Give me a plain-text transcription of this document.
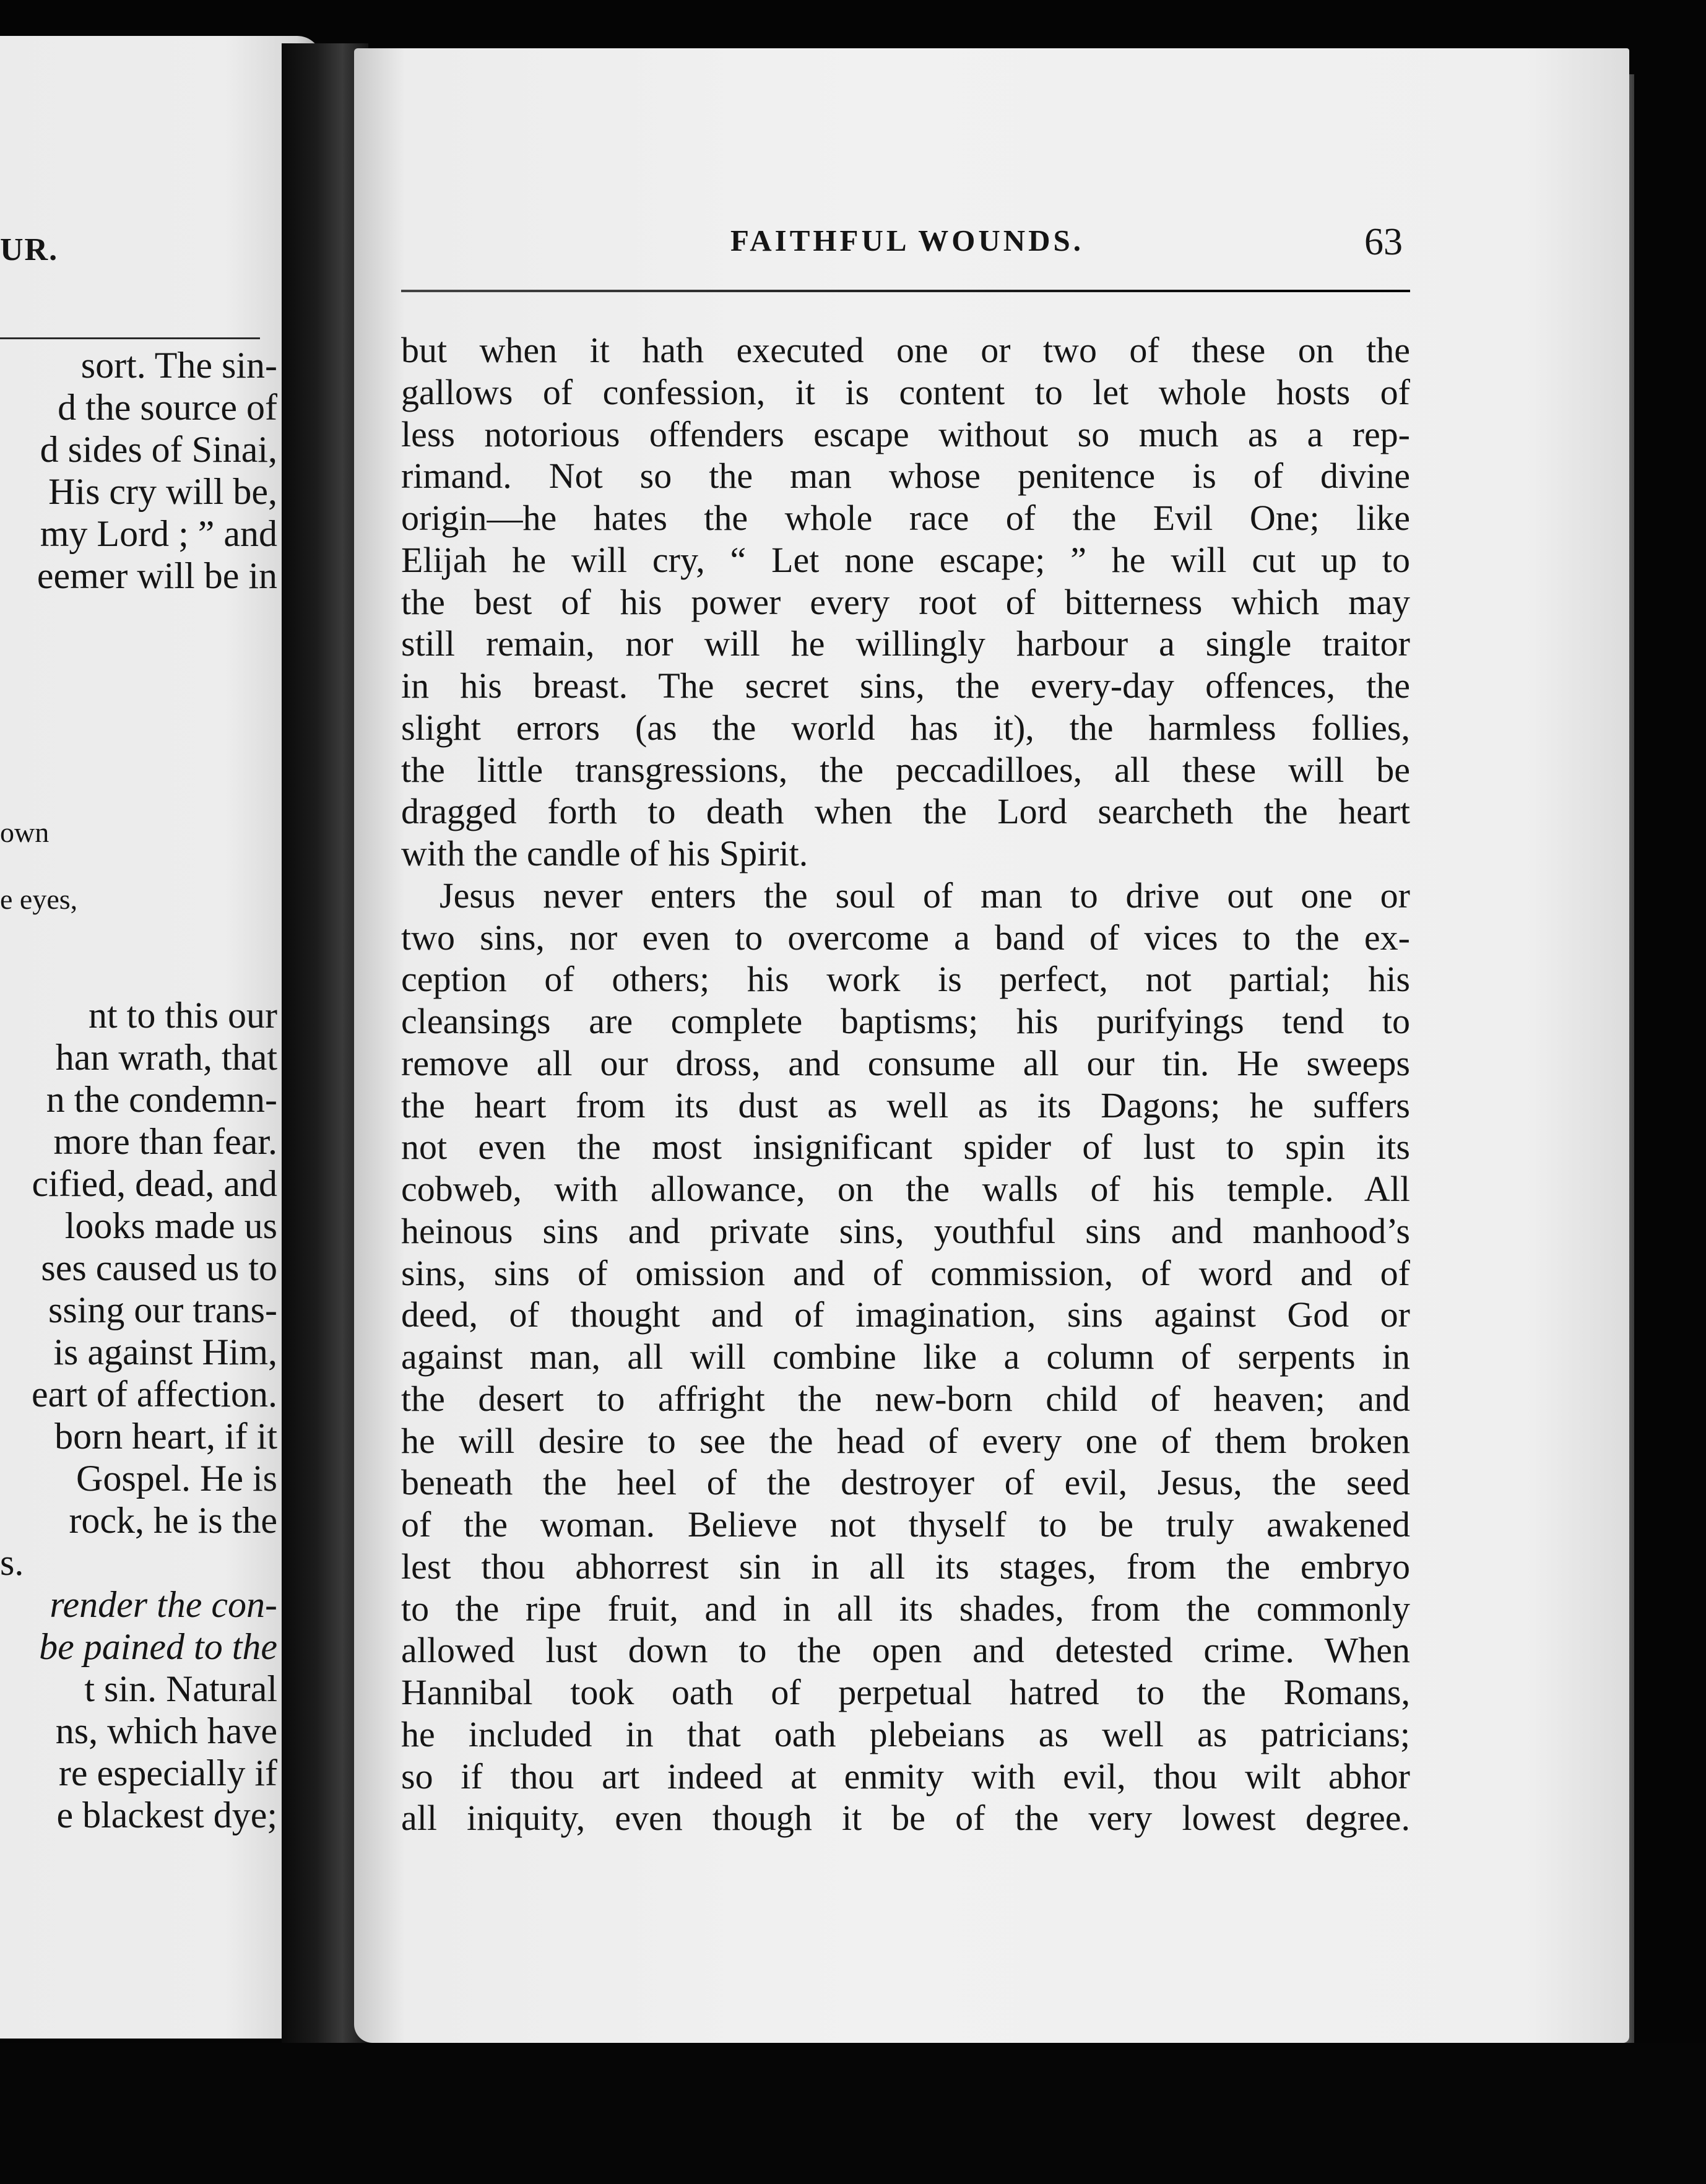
UR.
sort. The sin-
d the source of
d sides of Sinai,
His cry will be,
my Lord ; ” and
eemer will be in
own
e eyes,
nt to this our
han wrath, that
n the condemn-
more than fear.
cified, dead, and
looks made us
ses caused us to
ssing our trans-
is against Him,
eart of affection.
born heart, if it
Gospel. He is
rock, he is the
s.
render the con-
be pained to the
t sin. Natural
ns, which have
re especially if
e blackest dye;
FAITHFUL WOUNDS.	63
but when it hath executed one or two of these on the
gallows of confession, it is content to let whole hosts of
less notorious offenders escape without so much as a rep-
rimand. Not so the man whose penitence is of divine
origin—he hates the whole race of the Evil One; like
Elijah he will cry, “ Let none escape; ” he will cut up to
the best of his power every root of bitterness which may
still remain, nor will he willingly harbour a single traitor
in his breast. The secret sins, the every-day offences, the
slight errors (as the world has it), the harmless follies,
the little transgressions, the peccadilloes, all these will be
dragged forth to death when the Lord searcheth the heart
with the candle of his Spirit.
Jesus never enters the soul of man to drive out one or
two sins, nor even to overcome a band of vices to the ex-
ception of others; his work is perfect, not partial; his
cleansings are complete baptisms; his purifyings tend to
remove all our dross, and consume all our tin. He sweeps
the heart from its dust as well as its Dagons; he suffers
not even the most insignificant spider of lust to spin its
cobweb, with allowance, on the walls of his temple. All
heinous sins and private sins, youthful sins and manhood’s
sins, sins of omission and of commission, of word and of
deed, of thought and of imagination, sins against God or
against man, all will combine like a column of serpents in
the desert to affright the new-born child of heaven; and
he will desire to see the head of every one of them broken
beneath the heel of the destroyer of evil, Jesus, the seed
of the woman. Believe not thyself to be truly awakened
lest thou abhorrest sin in all its stages, from the embryo
to the ripe fruit, and in all its shades, from the commonly
allowed lust down to the open and detested crime. When
Hannibal took oath of perpetual hatred to the Romans,
he included in that oath plebeians as well as patricians;
so if thou art indeed at enmity with evil, thou wilt abhor
all iniquity, even though it be of the very lowest degree.
